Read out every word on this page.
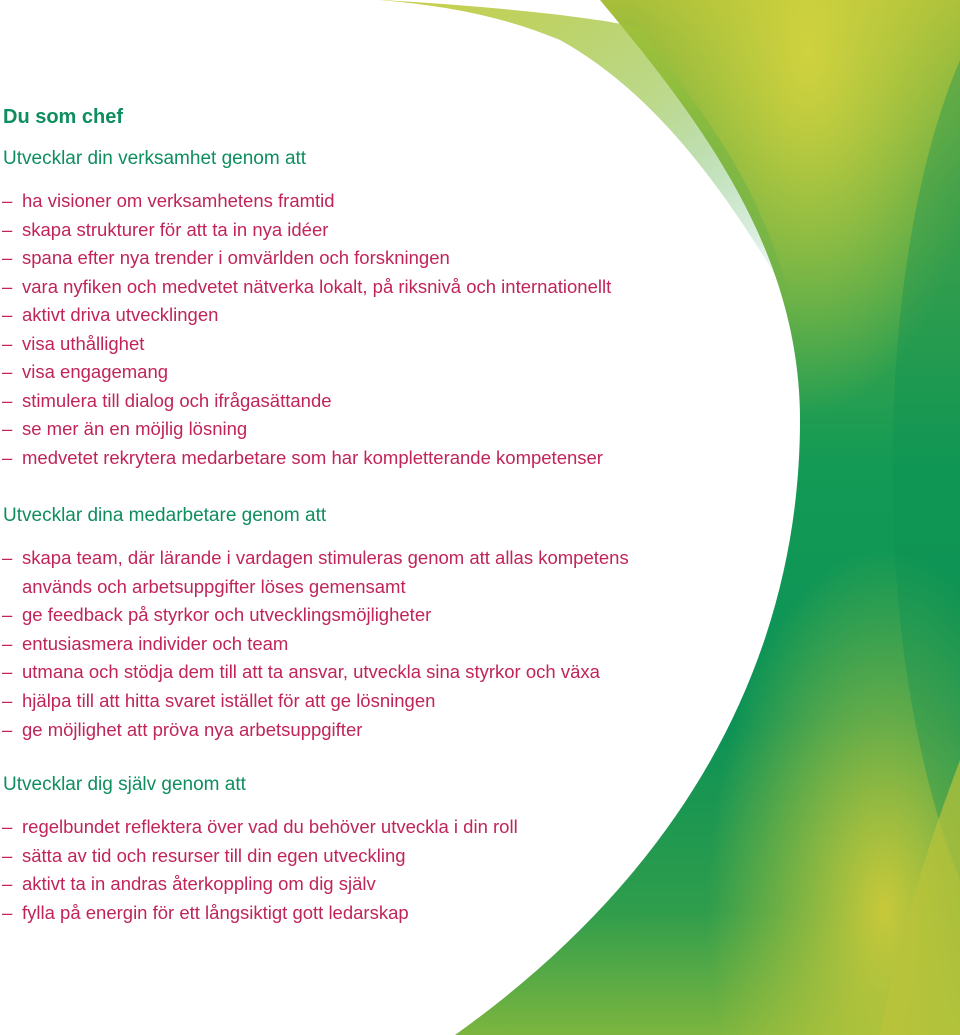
Du som chef
Utvecklar din verksamhet genom att
– ha visioner om verksamhetens framtid
– skapa strukturer för att ta in nya idéer
– spana efter nya trender i omvärlden och forskningen
– vara nyfiken och medvetet nätverka lokalt, på riksnivå och internationellt
– aktivt driva utvecklingen
– visa uthållighet
– visa engagemang
– stimulera till dialog och ifrågasättande
– se mer än en möjlig lösning
– medvetet rekrytera medarbetare som har kompletterande kompetenser
Utvecklar dina medarbetare genom att
– skapa team, där lärande i vardagen stimuleras genom att allas kompetens används och arbetsuppgifter löses gemensamt
– ge feedback på styrkor och utvecklingsmöjligheter
– entusiasmera individer och team
– utmana och stödja dem till att ta ansvar, utveckla sina styrkor och växa
– hjälpa till att hitta svaret istället för att ge lösningen
– ge möjlighet att pröva nya arbetsuppgifter
Utvecklar dig själv genom att
– regelbundet reflektera över vad du behöver utveckla i din roll
– sätta av tid och resurser till din egen utveckling
– aktivt ta in andras återkoppling om dig själv
– fylla på energin för ett långsiktigt gott ledarskap
